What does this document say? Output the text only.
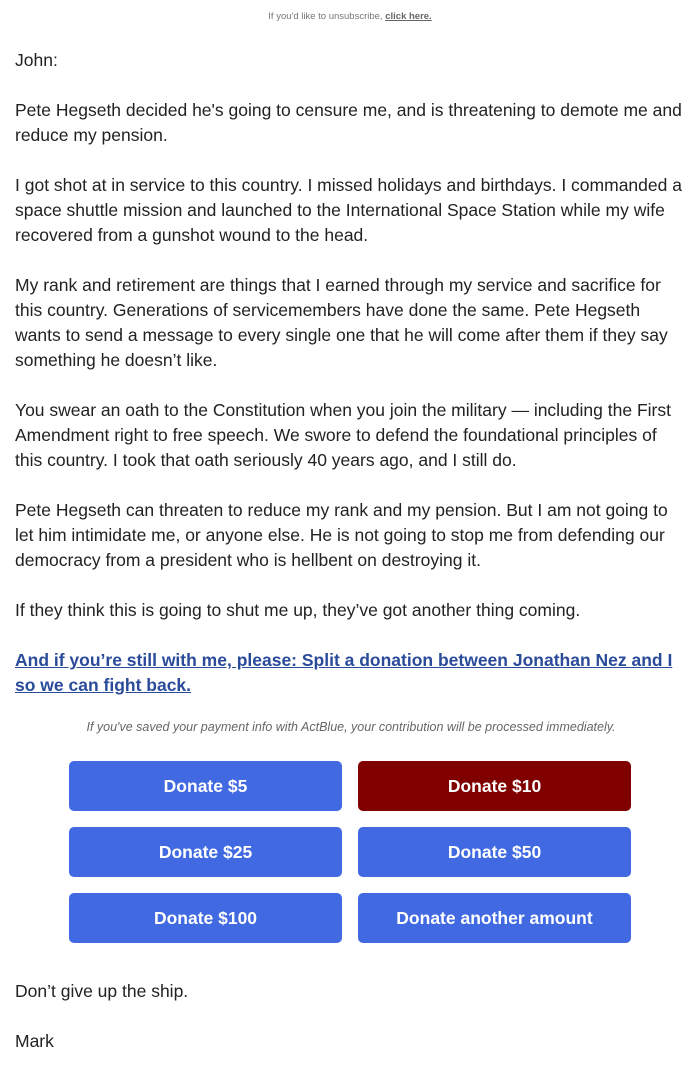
If you'd like to unsubscribe, click here.

John:

Pete Hegseth decided he's going to censure me, and is threatening to demote me and reduce my pension.

I got shot at in service to this country. I missed holidays and birthdays. I commanded a space shuttle mission and launched to the International Space Station while my wife recovered from a gunshot wound to the head.

My rank and retirement are things that I earned through my service and sacrifice for this country. Generations of servicemembers have done the same. Pete Hegseth wants to send a message to every single one that he will come after them if they say something he doesn’t like.

You swear an oath to the Constitution when you join the military — including the First Amendment right to free speech. We swore to defend the foundational principles of this country. I took that oath seriously 40 years ago, and I still do.

Pete Hegseth can threaten to reduce my rank and my pension. But I am not going to let him intimidate me, or anyone else. He is not going to stop me from defending our democracy from a president who is hellbent on destroying it.

If they think this is going to shut me up, they’ve got another thing coming.

And if you’re still with me, please: Split a donation between Jonathan Nez and I so we can fight back.

If you've saved your payment info with ActBlue, your contribution will be processed immediately.

Donate $5	Donate $10
Donate $25	Donate $50
Donate $100	Donate another amount

Don’t give up the ship.

Mark
